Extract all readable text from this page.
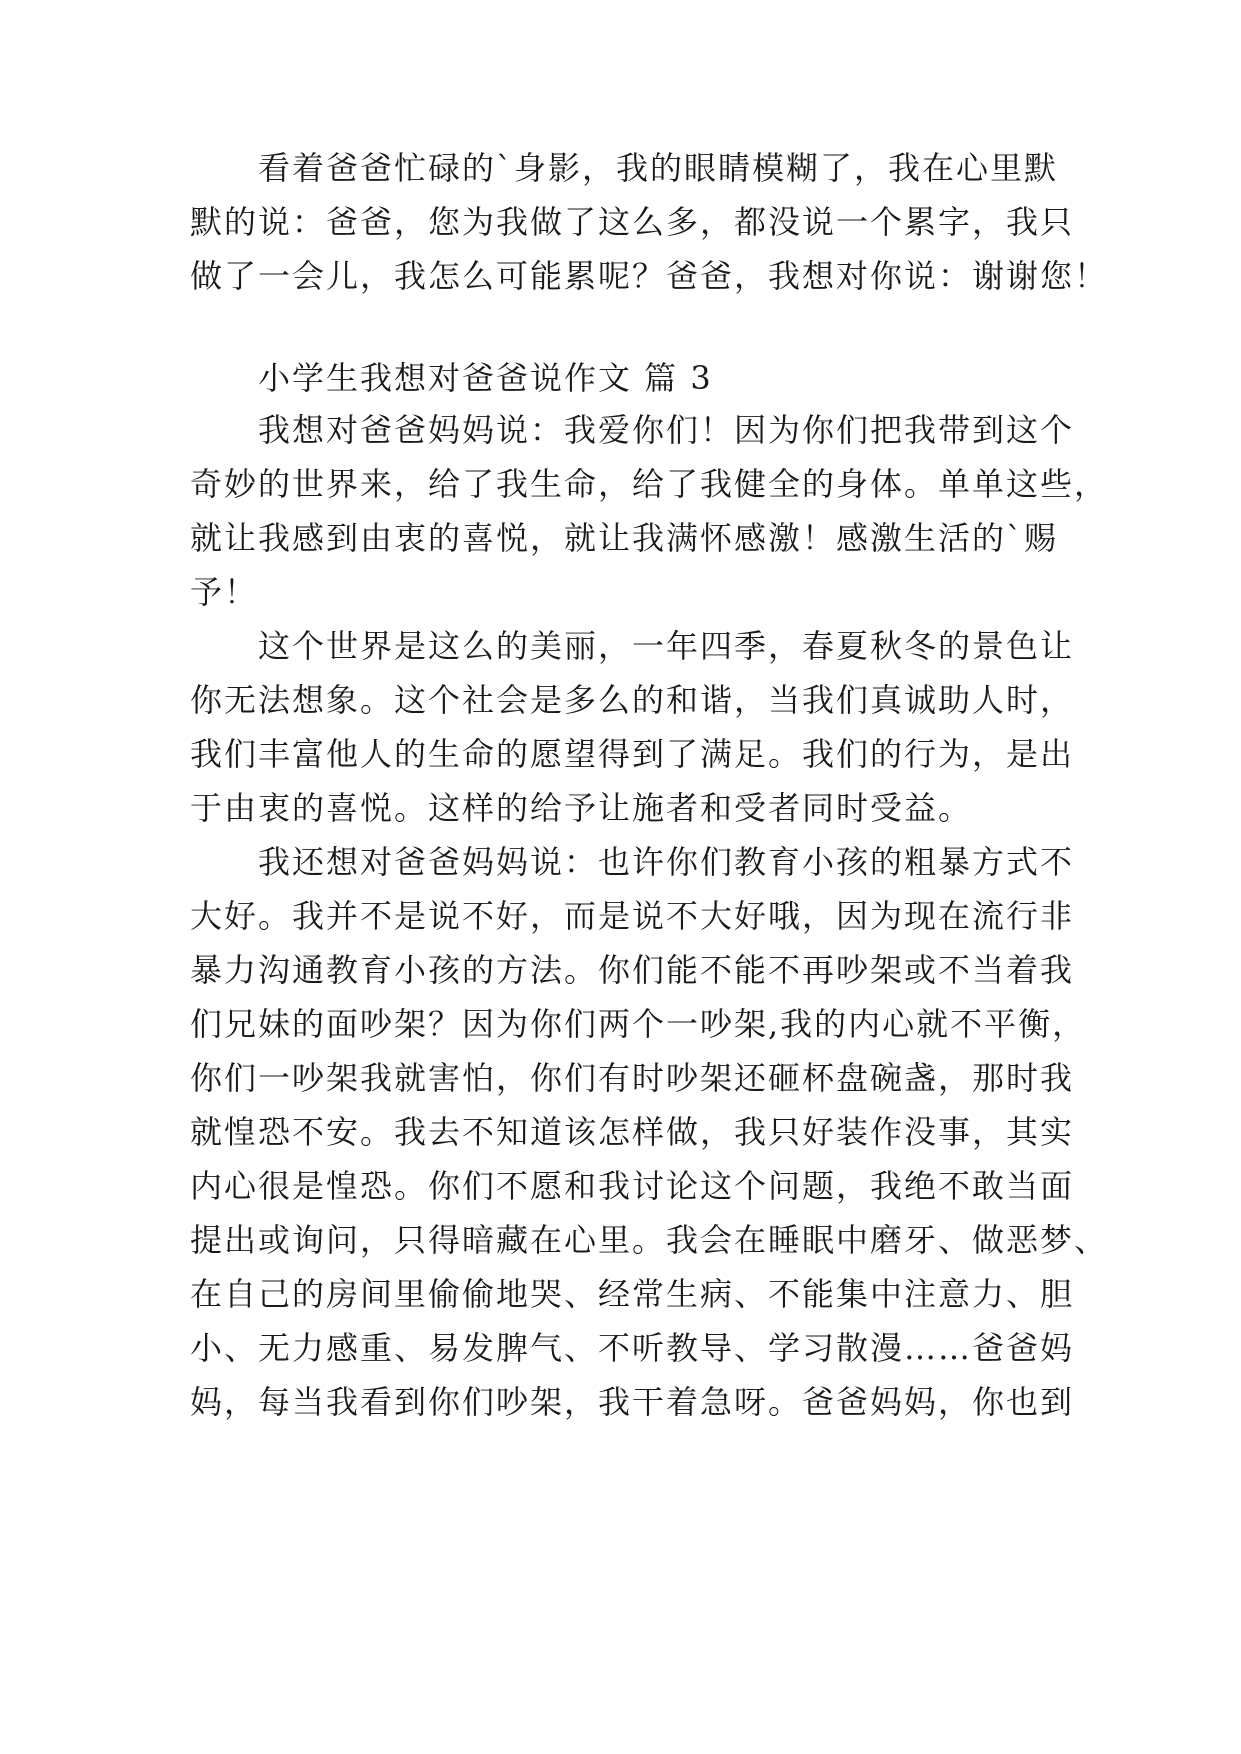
看着爸爸忙碌的`身影，我的眼睛模糊了，我在心里默
默的说：爸爸，您为我做了这么多，都没说一个累字，我只
做了一会儿，我怎么可能累呢？爸爸，我想对你说：谢谢您！
小学生我想对爸爸说作文 篇 3
我想对爸爸妈妈说：我爱你们！因为你们把我带到这个
奇妙的世界来，给了我生命，给了我健全的身体。单单这些，
就让我感到由衷的喜悦，就让我满怀感激！感激生活的`赐
予！
这个世界是这么的美丽，一年四季，春夏秋冬的景色让
你无法想象。这个社会是多么的和谐，当我们真诚助人时，
我们丰富他人的生命的愿望得到了满足。我们的行为，是出
于由衷的喜悦。这样的给予让施者和受者同时受益。
我还想对爸爸妈妈说：也许你们教育小孩的粗暴方式不
大好。我并不是说不好，而是说不大好哦，因为现在流行非
暴力沟通教育小孩的方法。你们能不能不再吵架或不当着我
们兄妹的面吵架？因为你们两个一吵架,我的内心就不平衡，
你们一吵架我就害怕，你们有时吵架还砸杯盘碗盏，那时我
就惶恐不安。我去不知道该怎样做，我只好装作没事，其实
内心很是惶恐。你们不愿和我讨论这个问题，我绝不敢当面
提出或询问，只得暗藏在心里。我会在睡眠中磨牙、做恶梦、
在自己的房间里偷偷地哭、经常生病、不能集中注意力、胆
小、无力感重、易发脾气、不听教导、学习散漫……爸爸妈
妈，每当我看到你们吵架，我干着急呀。爸爸妈妈，你也到
